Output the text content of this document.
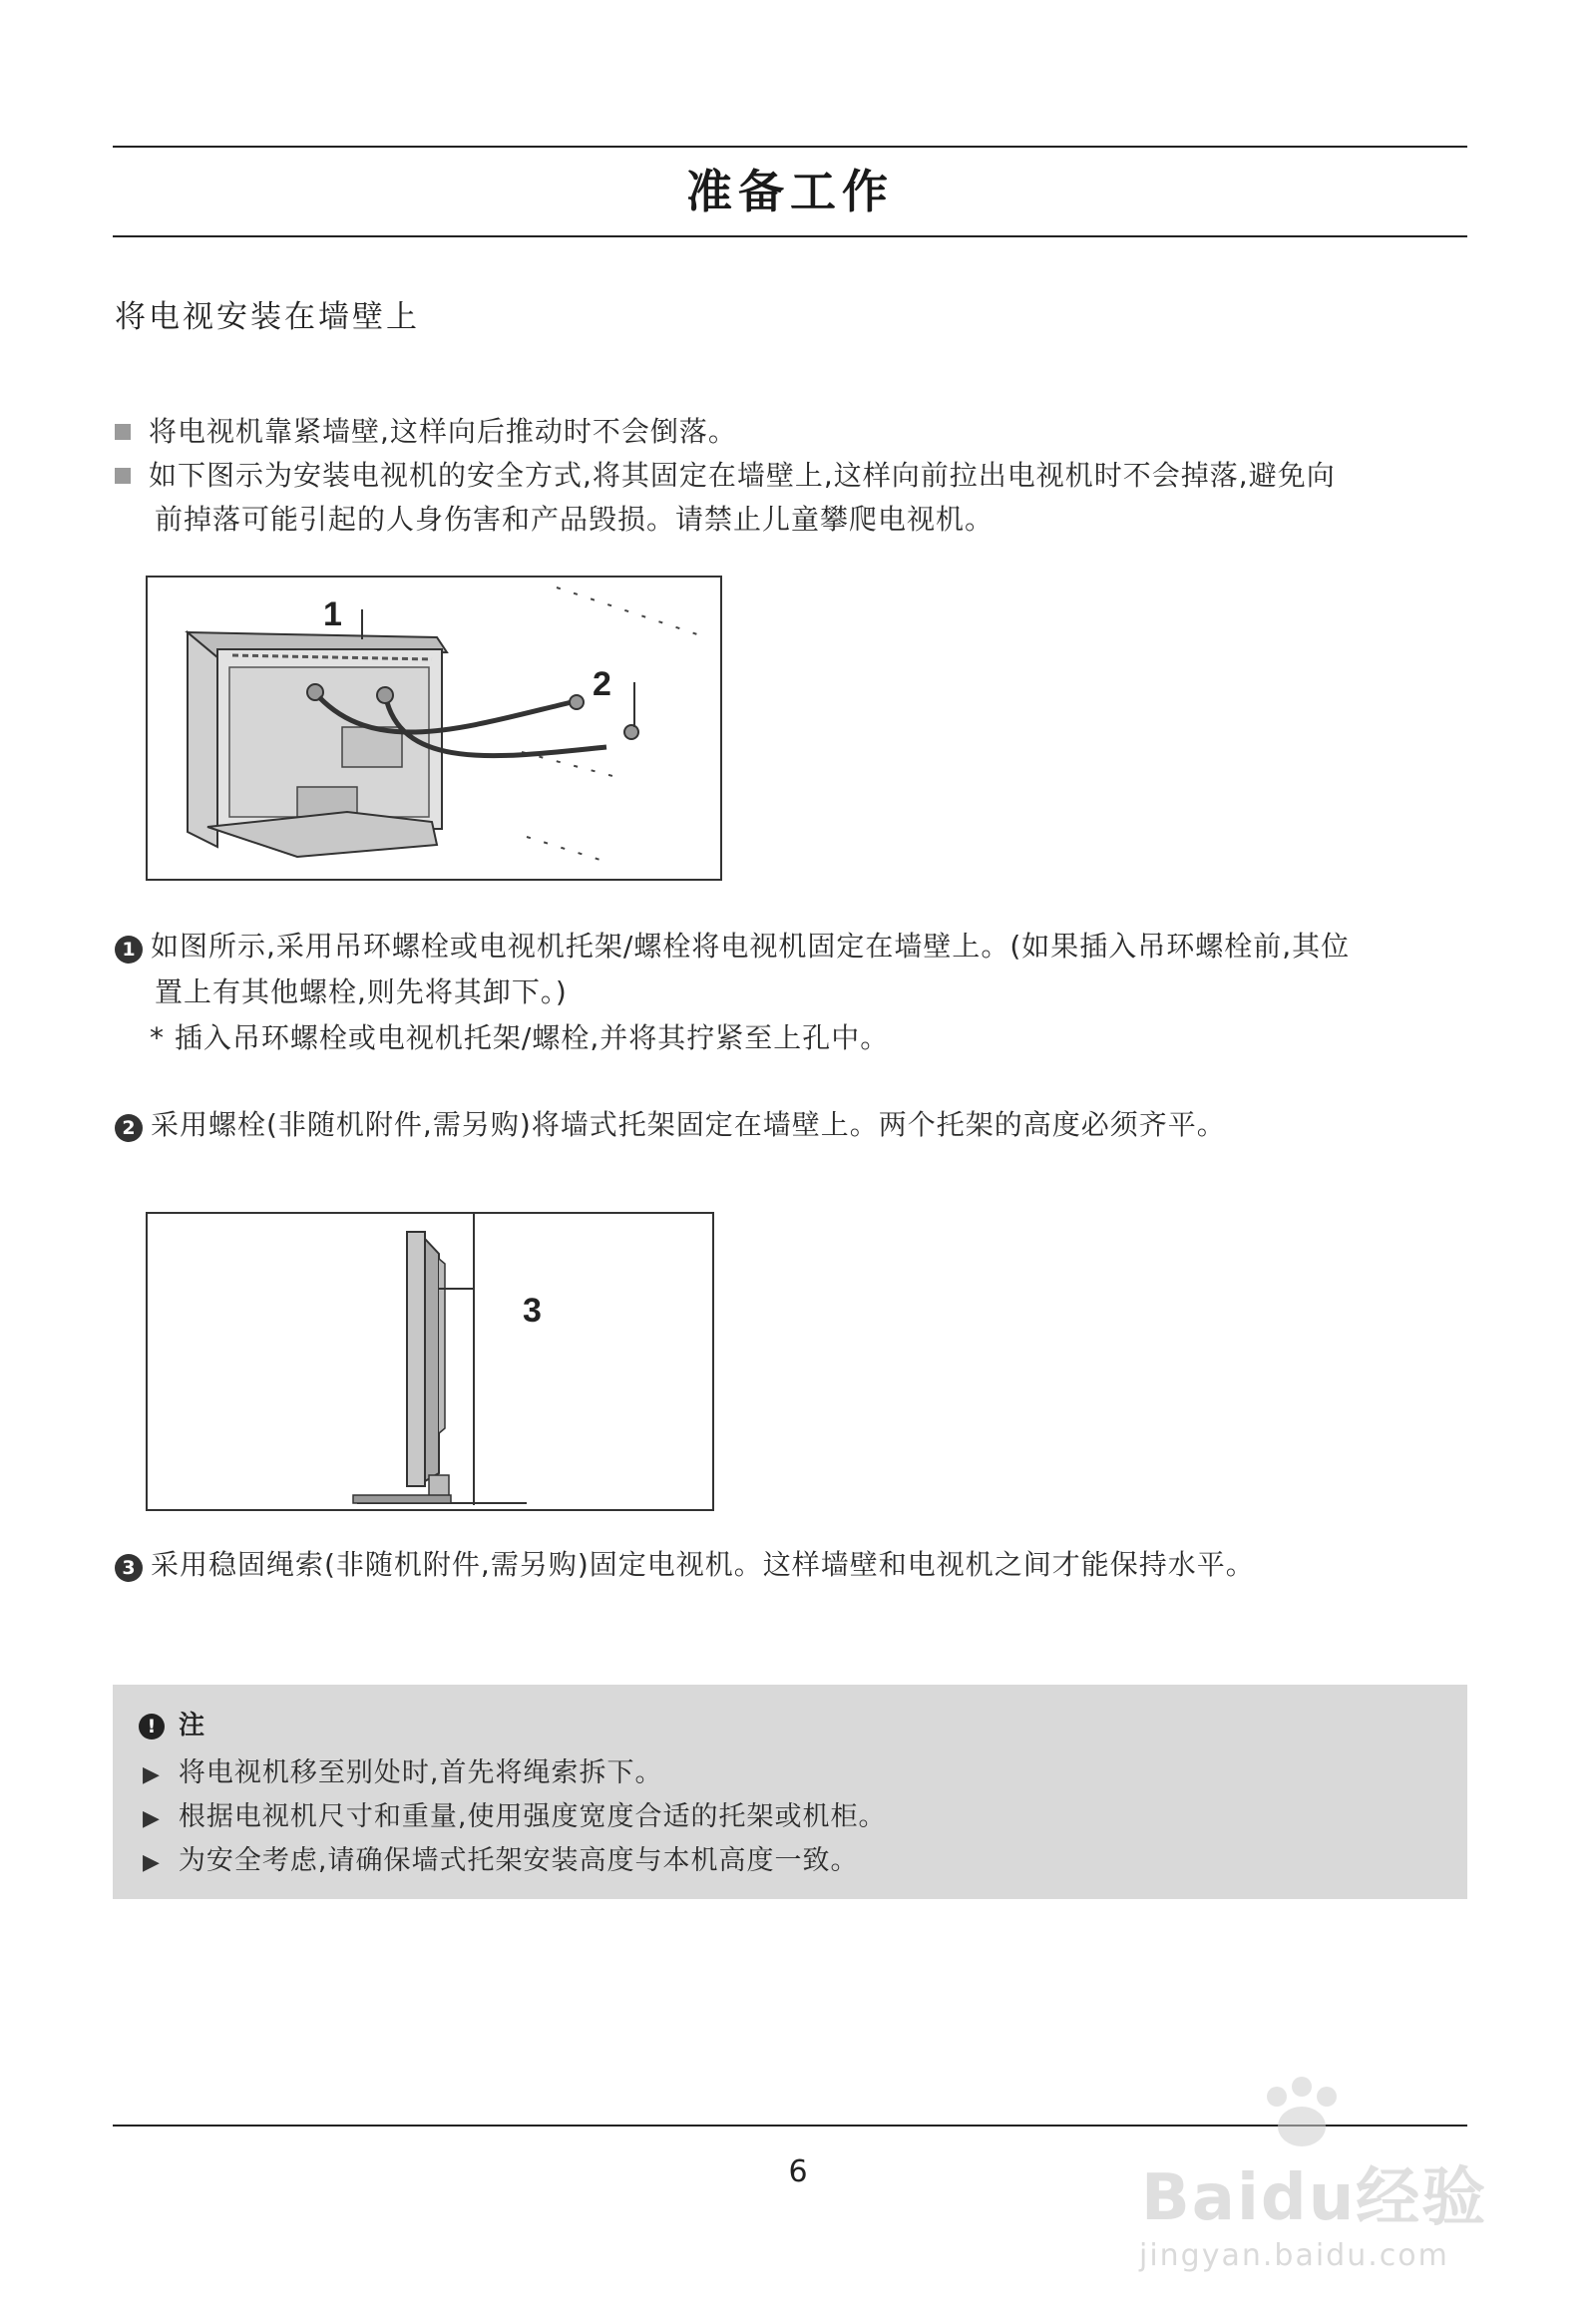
准备工作
将电视安装在墙壁上
将电视机靠紧墙壁,这样向后推动时不会倒落。
如下图示为安装电视机的安全方式,将其固定在墙壁上,这样向前拉出电视机时不会掉落,避免向
前掉落可能引起的人身伤害和产品毁损。请禁止儿童攀爬电视机。
1
2
1 如图所示,采用吊环螺栓或电视机托架/螺栓将电视机固定在墙壁上。(如果插入吊环螺栓前,其位
置上有其他螺栓,则先将其卸下。)
* 插入吊环螺栓或电视机托架/螺栓,并将其拧紧至上孔中。
2 采用螺栓(非随机附件,需另购)将墙式托架固定在墙壁上。两个托架的高度必须齐平。
3
3 采用稳固绳索(非随机附件,需另购)固定电视机。这样墙壁和电视机之间才能保持水平。
! 注
▶ 将电视机移至别处时,首先将绳索拆下。
▶ 根据电视机尺寸和重量,使用强度宽度合适的托架或机柜。
▶ 为安全考虑,请确保墙式托架安装高度与本机高度一致。
6	Baidu经验
jingyan.baidu.com
